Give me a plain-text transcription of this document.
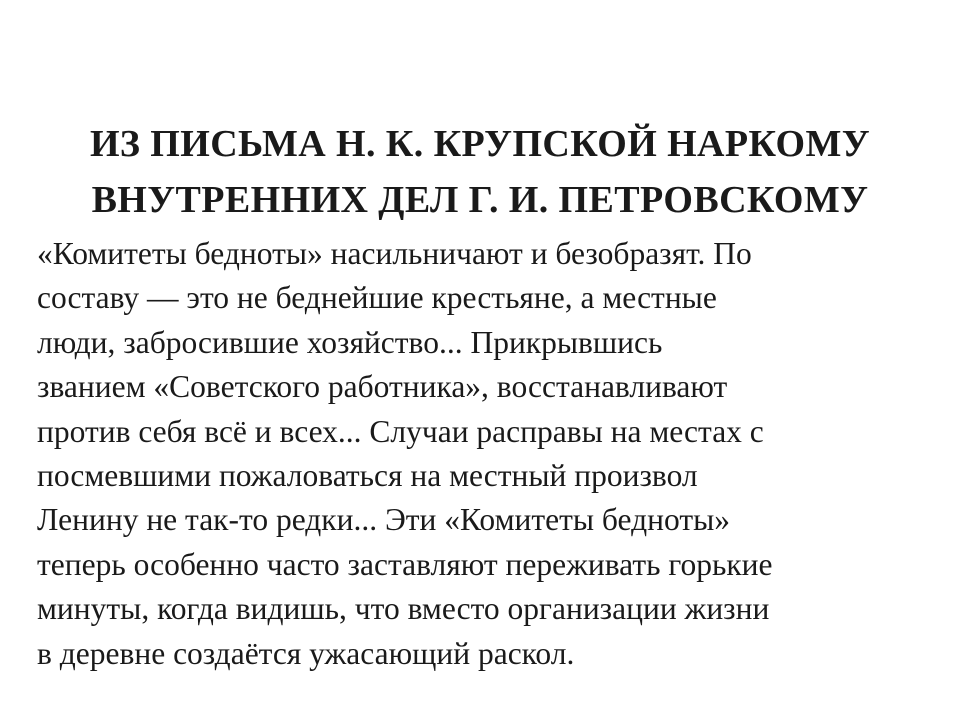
ИЗ ПИСЬМА Н. К. КРУПСКОЙ НАРКОМУ
ВНУТРЕННИХ ДЕЛ Г. И. ПЕТРОВСКОМУ
«Комитеты бедноты» насильничают и безобразят. По
составу — это не беднейшие крестьяне, а местные
люди, забросившие хозяйство... Прикрывшись
званием «Советского работника», восстанавливают
против себя всё и всех... Случаи расправы на местах с
посмевшими пожаловаться на местный произвол
Ленину не так-то редки... Эти «Комитеты бедноты»
теперь особенно часто заставляют переживать горькие
минуты, когда видишь, что вместо организации жизни
в деревне создаётся ужасающий раскол.
